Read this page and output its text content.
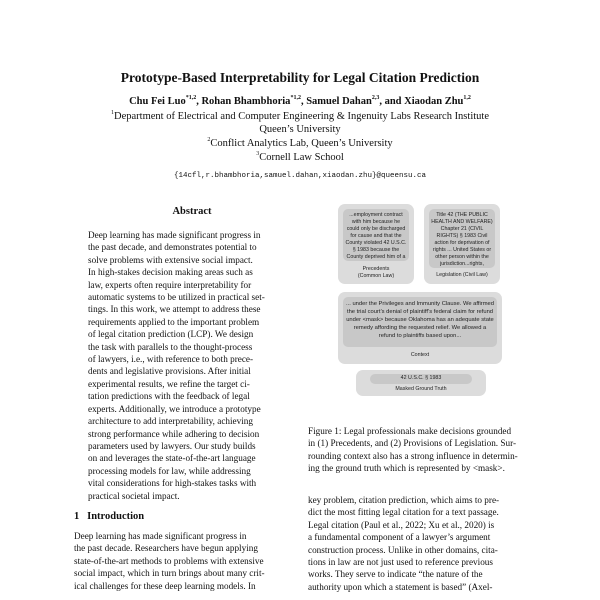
Prototype-Based Interpretability for Legal Citation Prediction
Chu Fei Luo$^{*1,2}$, Rohan Bhambhoria$^{*1,2}$, Samuel Dahan$^{2,3}$, and Xiaodan Zhu$^{1,2}$
$^1$Department of Electrical and Computer Engineering & Ingenuity Labs Research Institute
Queen’s University
$^2$Conflict Analytics Lab, Queen’s University
$^3$Cornell Law School
{14cfl,r.bhambhoria,samuel.dahan,xiaodan.zhu}@queensu.ca
Abstract
Deep learning has made significant progress in
the past decade, and demonstrates potential to
solve problems with extensive social impact.
In high-stakes decision making areas such as
law, experts often require interpretability for
automatic systems to be utilized in practical set-
tings. In this work, we attempt to address these
requirements applied to the important problem
of legal citation prediction (LCP). We design
the task with parallels to the thought-process
of lawyers, i.e., with reference to both prece-
dents and legislative provisions. After initial
experimental results, we refine the target ci-
tation predictions with the feedback of legal
experts. Additionally, we introduce a prototype
architecture to add interpretability, achieving
strong performance while adhering to decision
parameters used by lawyers. Our study builds
on and leverages the state-of-the-art language
processing models for law, while addressing
vital considerations for high-stakes tasks with
practical societal impact.
1 Introduction
Deep learning has made significant progress in
the past decade. Researchers have begun applying
state-of-the-art methods to problems with extensive
social impact, which in turn brings about many crit-
ical challenges for these deep learning models. In
...employment contract with him because he could only be discharged for cause and that the County violated 42 U.S.C. § 1983 because the County deprived him of a
Precedents
(Common Law)
Title 42 (THE PUBLIC HEALTH AND WELFARE) Chapter 21 (CIVIL RIGHTS) § 1983 Civil action for deprivation of rights ... United States or other person within the jurisdiction...rights,
Legislation (Civil Law)
... under the Privileges and Immunity Clause. We affirmed the trial court’s denial of plaintiff’s federal claim for refund under <mask> because Oklahoma has an adequate state remedy affording the requested relief. We allowed a refund to plaintiffs based upon...
Context
42 U.S.C. § 1983
Masked Ground Truth
Figure 1: Legal professionals make decisions grounded
in (1) Precedents, and (2) Provisions of Legislation. Sur-
rounding context also has a strong influence in determin-
ing the ground truth which is represented by <mask>.
key problem, citation prediction, which aims to pre-
dict the most fitting legal citation for a text passage.
Legal citation (Paul et al., 2022; Xu et al., 2020) is
a fundamental component of a lawyer’s argument
construction process. Unlike in other domains, cita-
tions in law are not just used to reference previous
works. They serve to indicate “the nature of the
authority upon which a statement is based” (Axel-
